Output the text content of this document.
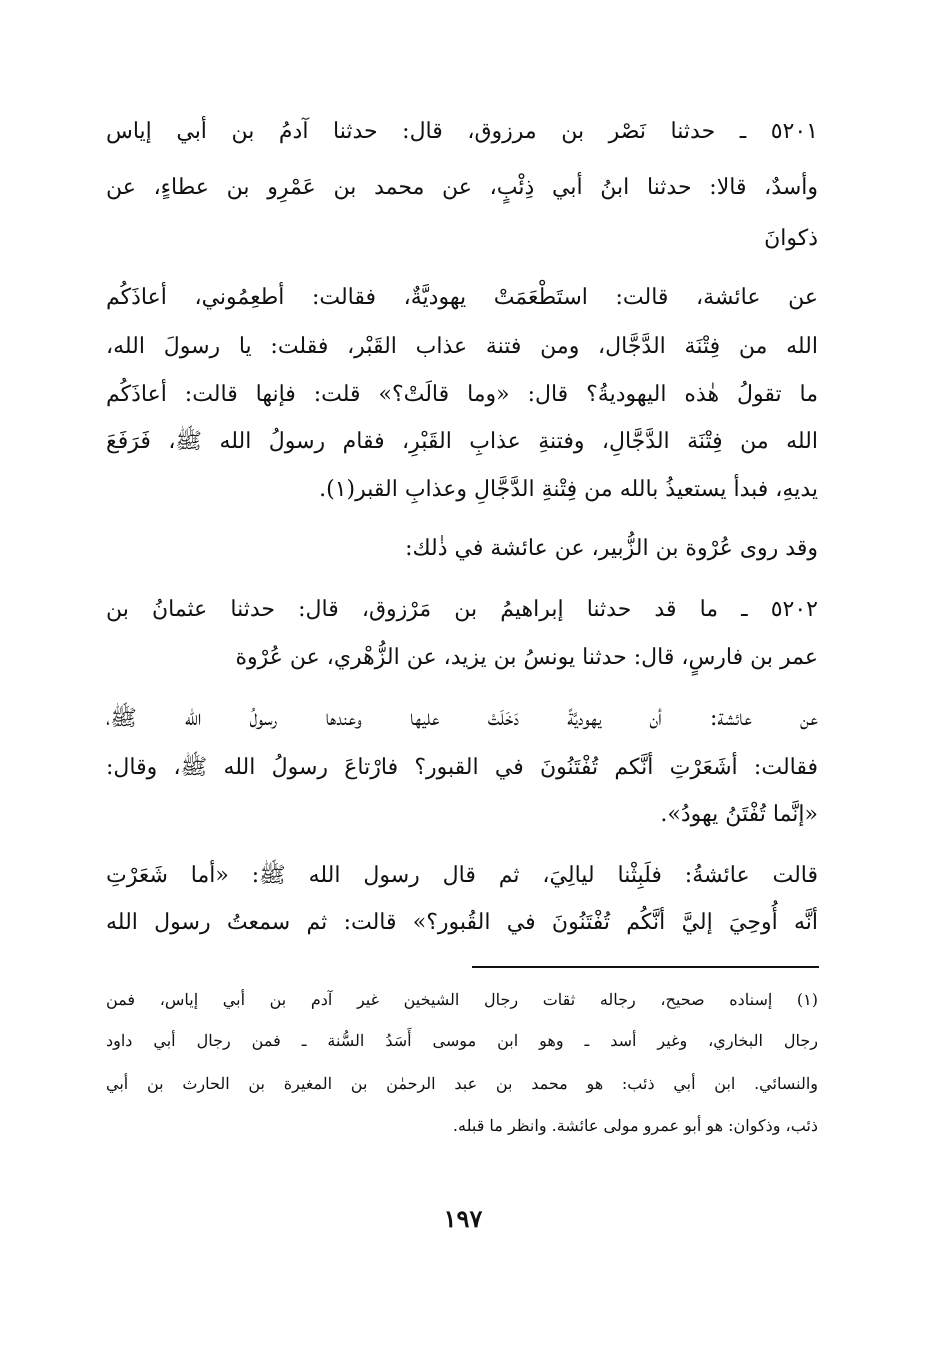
٥٢٠١ ـ حدثنا نَصْر بن مرزوق، قال: حدثنا آدمُ بن أبي إياس
وأسدٌ، قالا: حدثنا ابنُ أبي ذِئْبٍ، عن محمد بن عَمْرِو بن عطاءٍ، عن
ذكوانَ
عن عائشة، قالت: استَطْعَمَتْ يهوديَّةٌ، فقالت: أطعِمُوني، أعاذَكُم
الله من فِتْنَة الدَّجَّال، ومن فتنة عذاب القَبْر، فقلت: يا رسولَ الله،
ما تقولُ هٰذه اليهوديةُ؟ قال: «وما قالَتْ؟» قلت: فإنها قالت: أعاذَكُم
الله من فِتْنَة الدَّجَّالِ، وفتنةِ عذابِ القَبْرِ، فقام رسولُ الله ﷺ، فَرَفَعَ
يديهِ، فبدأ يستعيذُ بالله من فِتْنةِ الدَّجَّالِ وعذابِ القبر(١).
وقد روى عُرْوة بن الزُّبير، عن عائشة في ذٰلك:
٥٢٠٢ ـ ما قد حدثنا إبراهيمُ بن مَرْزوق، قال: حدثنا عثمانُ بن
عمر بن فارسٍ، قال: حدثنا يونسُ بن يزيد، عن الزُّهْري، عن عُرْوة
عن عائشة: أن يهوديَّةً دَخَلَتْ عليها وعندها رسولُ الله ﷺ،
فقالت: أشَعَرْتِ أنَّكم تُفْتَنُونَ في القبور؟ فارْتاعَ رسولُ الله ﷺ، وقال:
«إنَّما تُفْتَنُ يهودُ».
قالت عائشةُ: فلَبِثْنا ليالِيَ، ثم قال رسول الله ﷺ: «أما شَعَرْتِ
أنَّه أُوحِيَ إليَّ أنَّكُم تُفْتَنُونَ في القُبور؟» قالت: ثم سمعتُ رسول الله
(١) إسناده صحيح، رجاله ثقات رجال الشيخين غير آدم بن أبي إياس، فمن
رجال البخاري، وغير أسد ـ وهو ابن موسى أَسَدُ السُّنة ـ فمن رجال أبي داود
والنسائي. ابن أبي ذئب: هو محمد بن عبد الرحمٰن بن المغيرة بن الحارث بن أبي
ذئب، وذكوان: هو أبو عمرو مولى عائشة. وانظر ما قبله.
١٩٧
